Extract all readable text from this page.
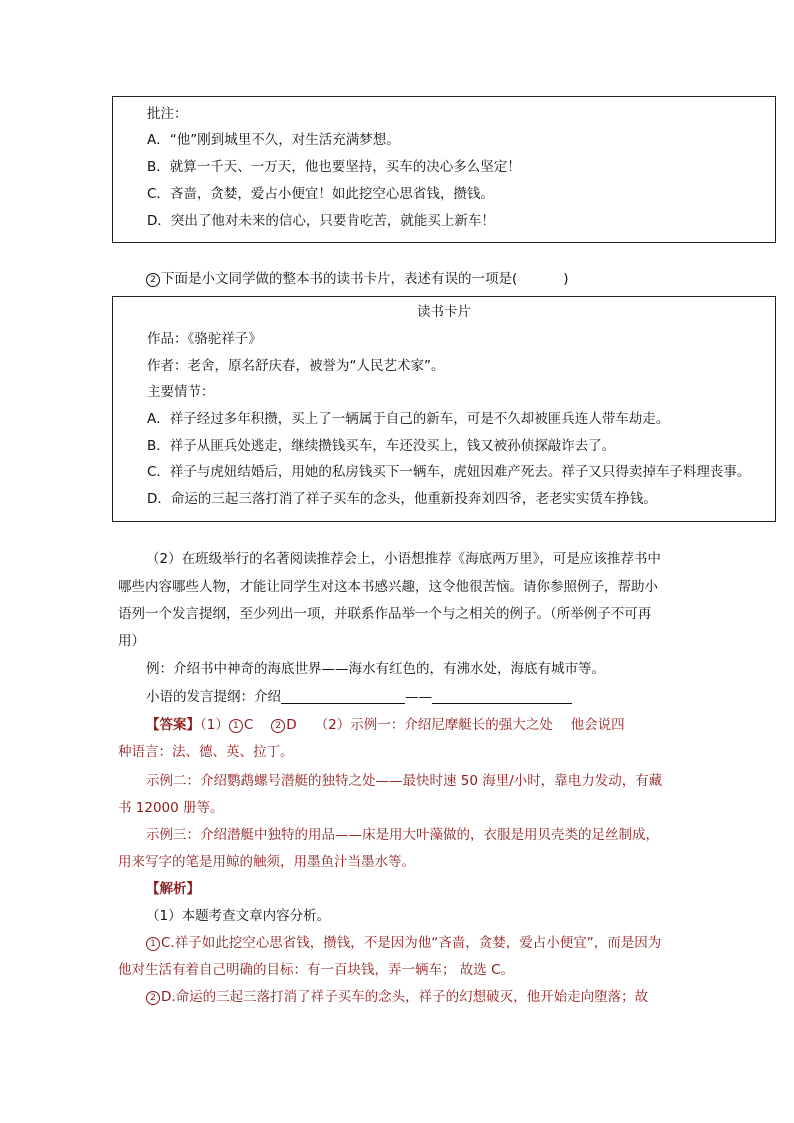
批注：
A．“他”刚到城里不久，对生活充满梦想。
B．就算一千天、一万天，他也要坚持，买车的决心多么坚定！
C．吝啬，贪婪，爱占小便宜！如此挖空心思省钱，攒钱。
D．突出了他对未来的信心，只要肯吃苦，就能买上新车！
2 下面是小文同学做的整本书的读书卡片，表述有误的一项是(	)
读书卡片
作品：《骆驼祥子》
作者：老舍，原名舒庆春，被誉为“人民艺术家”。
主要情节：
A．祥子经过多年积攒，买上了一辆属于自己的新车，可是不久却被匪兵连人带车劫走。
B．祥子从匪兵处逃走，继续攒钱买车，车还没买上，钱又被孙侦探敲诈去了。
C．祥子与虎妞结婚后，用她的私房钱买下一辆车，虎妞因难产死去。祥子又只得卖掉车子料理丧事。
D．命运的三起三落打消了祥子买车的念头，他重新投奔刘四爷，老老实实赁车挣钱。
（2）在班级举行的名著阅读推荐会上，小语想推荐《海底两万里》，可是应该推荐书中
哪些内容哪些人物，才能让同学生对这本书感兴趣，这令他很苦恼。请你参照例子，帮助小
语列一个发言提纲，至少列出一项，并联系作品举一个与之相关的例子。（所举例子不可再
用）
例：介绍书中神奇的海底世界——海水有红色的，有沸水处，海底有城市等。
小语的发言提纲：介绍	——
【答案】（1） 1 C 2 D （2）示例一：介绍尼摩艇长的强大之处　 他会说四
种语言：法、德、英、拉丁。
示例二：介绍鹦鹉螺号潜艇的独特之处——最快时速 50 海里/小时，靠电力发动，有藏
书 12000 册等。
示例三：介绍潜艇中独特的用品——床是用大叶藻做的，衣服是用贝壳类的足丝制成，
用来写字的笔是用鲸的触须，用墨鱼汁当墨水等。
【解析】
（1）本题考查文章内容分析。
1 C.祥子如此挖空心思省钱，攒钱，不是因为他“吝啬，贪婪，爱占小便宜”，而是因为
他对生活有着自己明确的目标：有一百块钱，弄一辆车； 故选 C。
2 D.命运的三起三落打消了祥子买车的念头，祥子的幻想破灭，他开始走向堕落；故
